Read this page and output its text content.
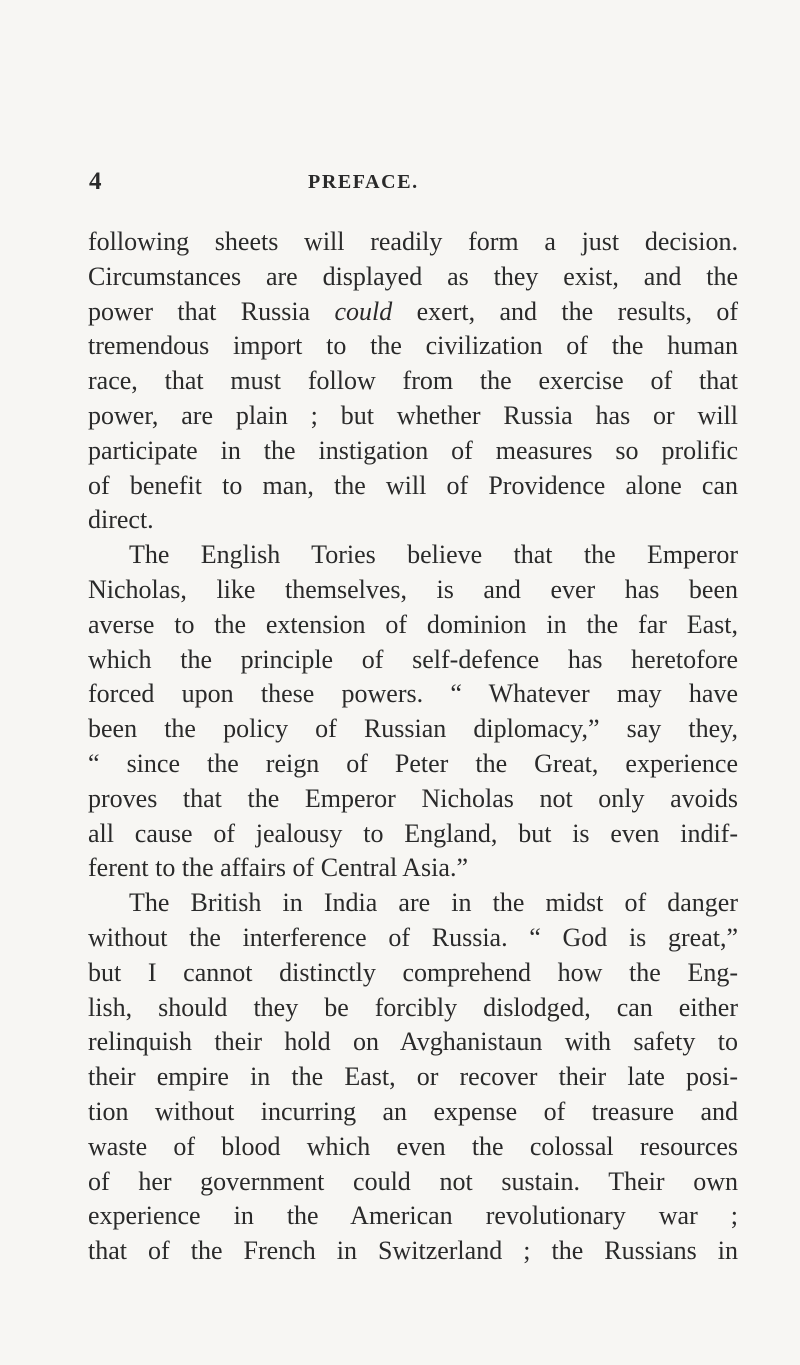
4	PREFACE.
following sheets will readily form a just decision.
Circumstances are displayed as they exist, and the
power that Russia could exert, and the results, of
tremendous import to the civilization of the human
race, that must follow from the exercise of that
power, are plain ; but whether Russia has or will
participate in the instigation of measures so prolific
of benefit to man, the will of Providence alone can
direct.
The English Tories believe that the Emperor
Nicholas, like themselves, is and ever has been
averse to the extension of dominion in the far East,
which the principle of self-defence has heretofore
forced upon these powers. “ Whatever may have
been the policy of Russian diplomacy,” say they,
“ since the reign of Peter the Great, experience
proves that the Emperor Nicholas not only avoids
all cause of jealousy to England, but is even indif-
ferent to the affairs of Central Asia.”
The British in India are in the midst of danger
without the interference of Russia. “ God is great,”
but I cannot distinctly comprehend how the Eng-
lish, should they be forcibly dislodged, can either
relinquish their hold on Avghanistaun with safety to
their empire in the East, or recover their late posi-
tion without incurring an expense of treasure and
waste of blood which even the colossal resources
of her government could not sustain. Their own
experience in the American revolutionary war ;
that of the French in Switzerland ; the Russians in
